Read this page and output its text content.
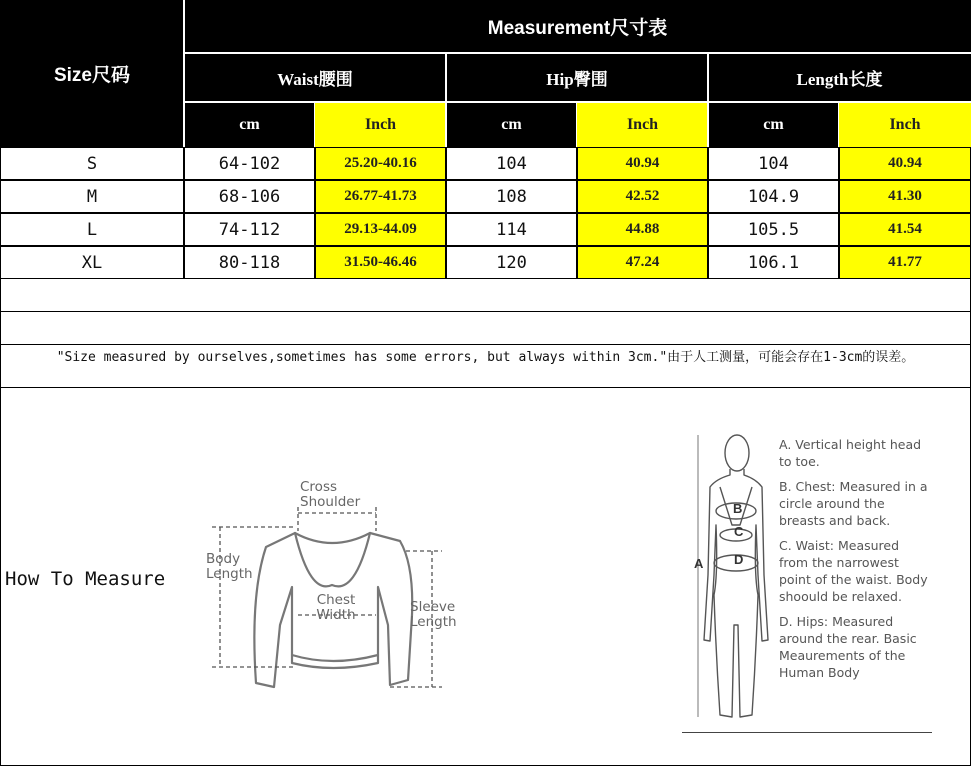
Size尺码
Measurement尺寸表
Waist腰围	Hip臀围	Length长度
cm	Inch	cm	Inch	cm	Inch
S	64-102	25.20-40.16	104	40.94	104	40.94
M	68-106	26.77-41.73	108	42.52	104.9	41.30
L	74-112	29.13-44.09	114	44.88	105.5	41.54
XL	80-118	31.50-46.46	120	47.24	106.1	41.77
"Size measured by ourselves,sometimes has some errors, but always within 3cm."由于人工测量，可能会存在1-3cm的误差。
How To Measure
Cross Shoulder
Body Length
Chest Width	Sleeve Length
A
B
C
D

A. Vertical height head to toe.

B. Chest: Measured in a circle around the breasts and back.

C. Waist: Measured from the narrowest point of the waist. Body shoould be relaxed.

D. Hips: Measured around the rear. Basic Meaurements of the Human Body
